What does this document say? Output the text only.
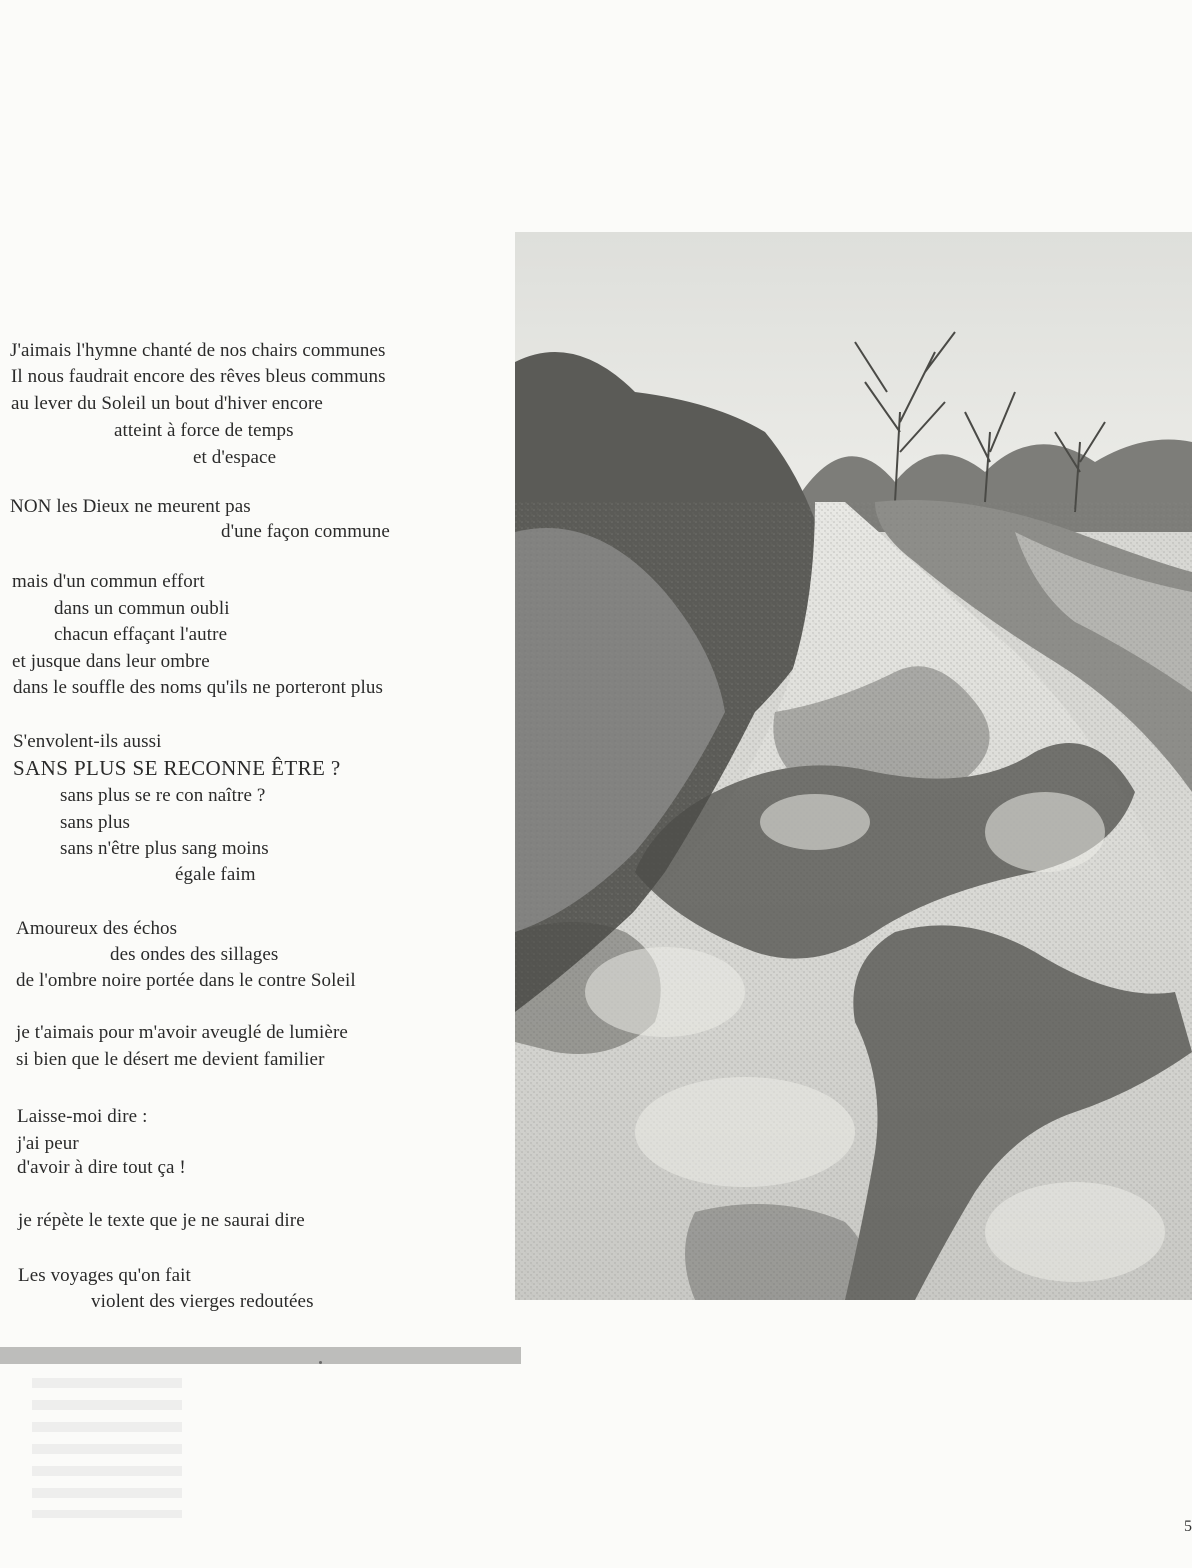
J'aimais l'hymne chanté de nos chairs communes
Il nous faudrait encore des rêves bleus communs
au lever du Soleil un bout d'hiver encore
atteint à force de temps
et d'espace
NON les Dieux ne meurent pas
d'une façon commune
mais d'un commun effort
dans un commun oubli
chacun effaçant l'autre
et jusque dans leur ombre
dans le souffle des noms qu'ils ne porteront plus
S'envolent-ils aussi
SANS PLUS SE RECONNE ÊTRE ?
sans plus se re con naître ?
sans plus
sans n'être plus sang moins
égale faim
Amoureux des échos
des ondes des sillages
de l'ombre noire portée dans le contre Soleil
je t'aimais pour m'avoir aveuglé de lumière
si bien que le désert me devient familier
Laisse-moi dire :
j'ai peur
d'avoir à dire tout ça !
je répète le texte que je ne saurai dire
Les voyages qu'on fait
violent des vierges redoutées
5
